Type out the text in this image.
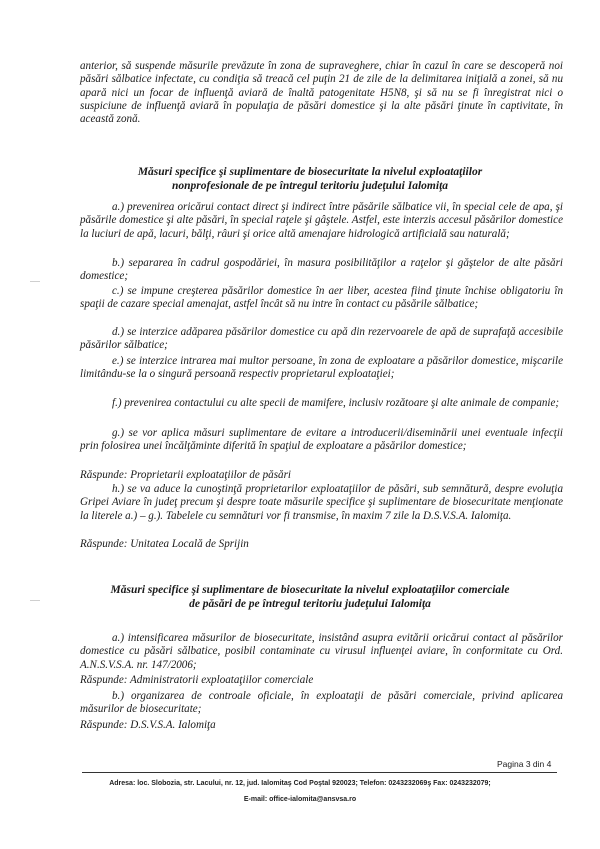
anterior, să suspende măsurile prevăzute în zona de supraveghere, chiar în cazul în care se descoperă noi păsări sălbatice infectate, cu condiţia să treacă cel puţin 21 de zile de la delimitarea iniţială a zonei, să nu apară nici un focar de influenţă aviară de înaltă patogenitate H5N8, şi să nu se fi înregistrat nici o suspiciune de influenţă aviară în populaţia de păsări domestice şi la alte păsări ţinute în captivitate, în această zonă.
Măsuri specifice şi suplimentare de biosecuritate la nivelul exploataţiilor nonprofesionale de pe întregul teritoriu judeţului Ialomiţa
a.) prevenirea oricărui contact direct şi indirect între păsările sălbatice vii, în special cele de apa, şi păsările domestice şi alte păsări, în special raţele şi gâştele. Astfel, este interzis accesul păsărilor domestice la luciuri de apă, lacuri, bălţi, râuri şi orice altă amenajare hidrologică artificială sau naturală;
b.) separarea în cadrul gospodăriei, în masura posibilităţilor a raţelor şi găştelor de alte păsări domestice;
c.) se impune creşterea păsărilor domestice în aer liber, acestea fiind ţinute închise obligatoriu în spaţii de cazare special amenajat, astfel încât să nu intre în contact cu păsările sălbatice;
d.) se interzice adăparea păsărilor domestice cu apă din rezervoarele de apă de suprafaţă accesibile păsărilor sălbatice;
e.) se interzice intrarea mai multor persoane, în zona de exploatare a păsărilor domestice, mişcarile limitându-se la o singură persoană respectiv proprietarul exploataţiei;
f.) prevenirea contactului cu alte specii de mamifere, inclusiv rozătoare şi alte animale de companie;
g.) se vor aplica măsuri suplimentare de evitare a introducerii/diseminării unei eventuale infecţii prin folosirea unei încălţăminte diferită în spaţiul de exploatare a păsărilor domestice;
Răspunde: Proprietarii exploataţiilor de păsări
h.) se va aduce la cunoştinţă proprietarilor exploataţiilor de păsări, sub semnătură, despre evoluţia Gripei Aviare în judeţ precum şi despre toate măsurile specifice şi suplimentare de biosecuritate menţionate la literele a.) – g.). Tabelele cu semnături vor fi transmise, în maxim 7 zile la D.S.V.S.A. Ialomiţa.
Răspunde: Unitatea Locală de Sprijin
Măsuri specifice şi suplimentare de biosecuritate la nivelul exploataţiilor comerciale de păsări de pe întregul teritoriu judeţului Ialomiţa
a.) intensificarea măsurilor de biosecuritate, insistând asupra evitării oricărui contact al păsărilor domestice cu păsări sălbatice, posibil contaminate cu virusul influenţei aviare, în conformitate cu Ord. A.N.S.V.S.A. nr. 147/2006;
Răspunde: Administratorii exploataţiilor comerciale
b.) organizarea de controale oficiale, în exploataţii de păsări comerciale, privind aplicarea măsurilor de biosecuritate;
Răspunde: D.S.V.S.A. Ialomiţa
Pagina 3 din 4
Adresa: loc. Slobozia, str. Lacului, nr. 12, jud. Ialomitaş Cod Poştal 920023; Telefon: 0243232069ş Fax: 0243232079;
E-mail: office-ialomita@ansvsa.ro
